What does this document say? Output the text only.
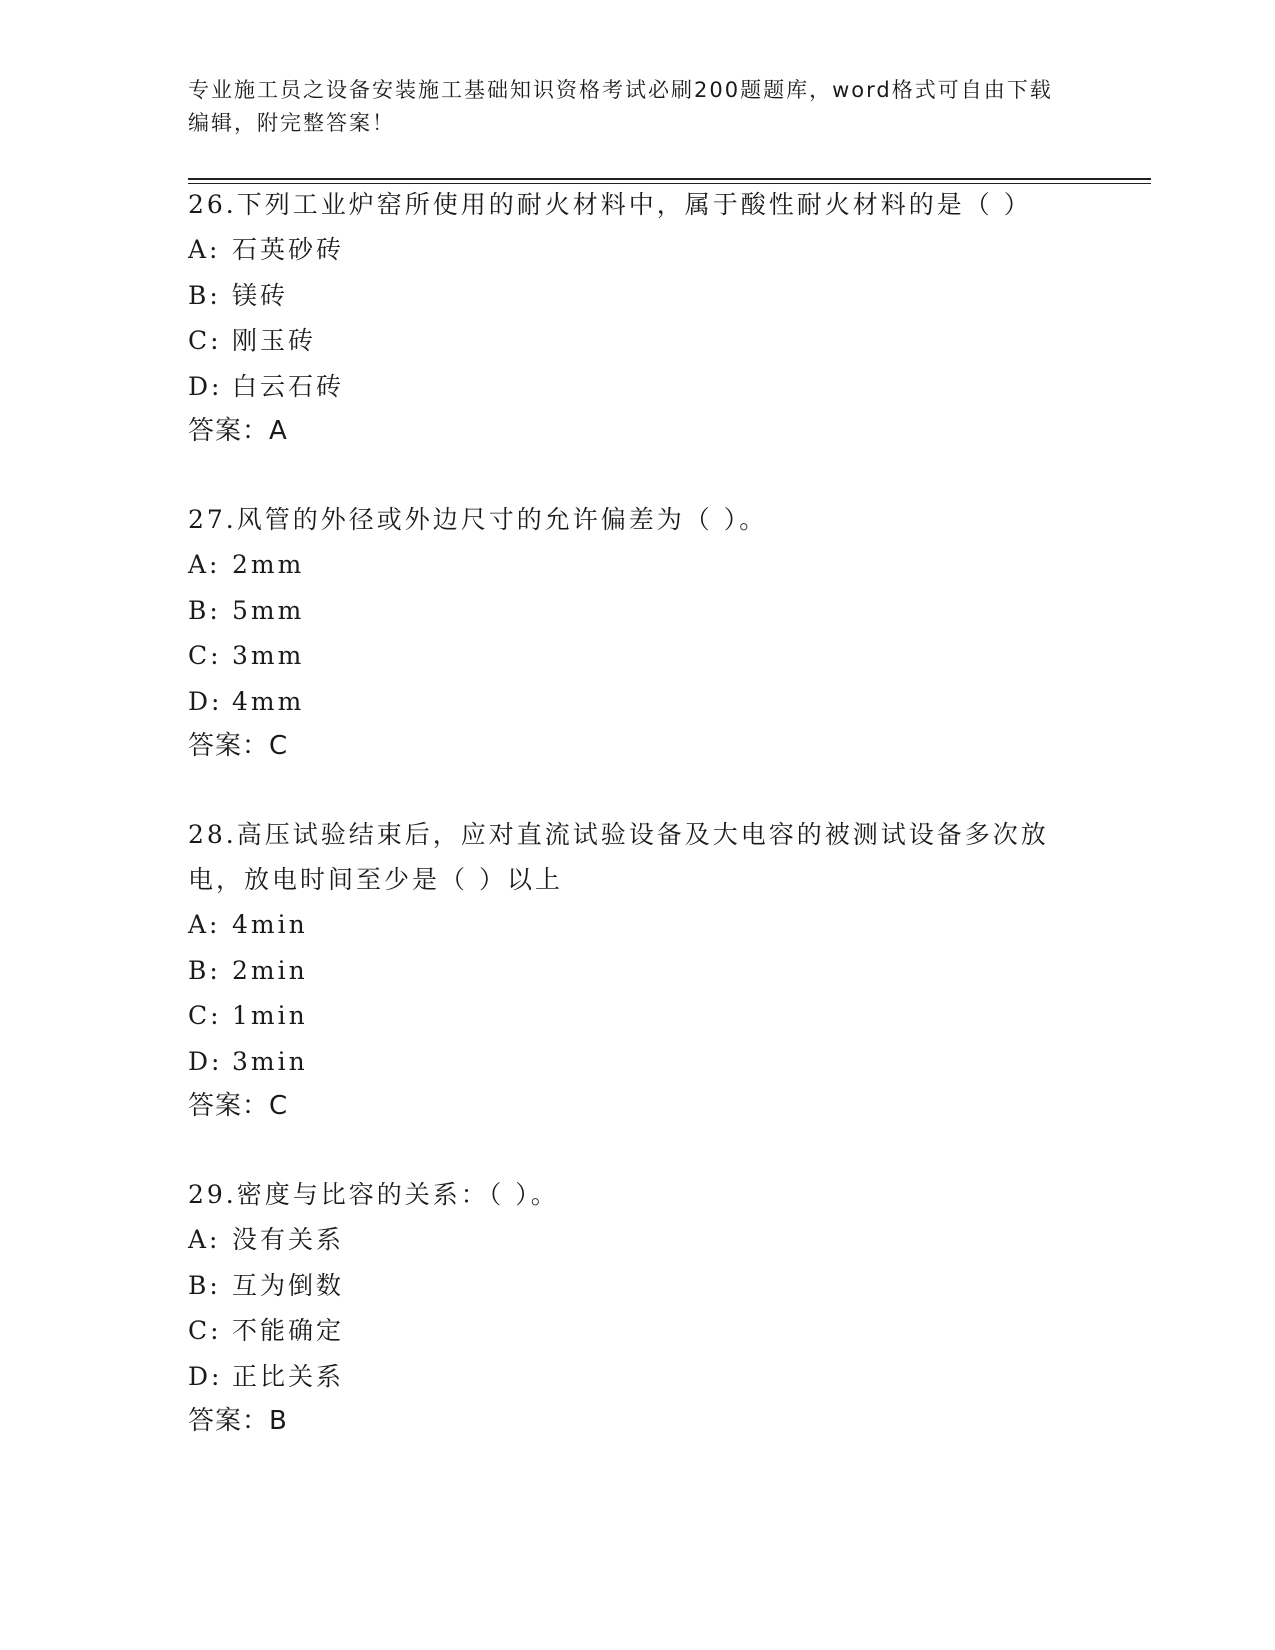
专业施工员之设备安装施工基础知识资格考试必刷200题题库，word格式可自由下载编辑，附完整答案！
26.下列工业炉窑所使用的耐火材料中，属于酸性耐火材料的是（ ）
A: 石英砂砖
B: 镁砖
C: 刚玉砖
D: 白云石砖
答案：A
27.风管的外径或外边尺寸的允许偏差为（ ）。
A: 2mm
B: 5mm
C: 3mm
D: 4mm
答案：C
28.高压试验结束后，应对直流试验设备及大电容的被测试设备多次放电，放电时间至少是（ ）以上
A: 4min
B: 2min
C: 1min
D: 3min
答案：C
29.密度与比容的关系：（ ）。
A: 没有关系
B: 互为倒数
C: 不能确定
D: 正比关系
答案：B
